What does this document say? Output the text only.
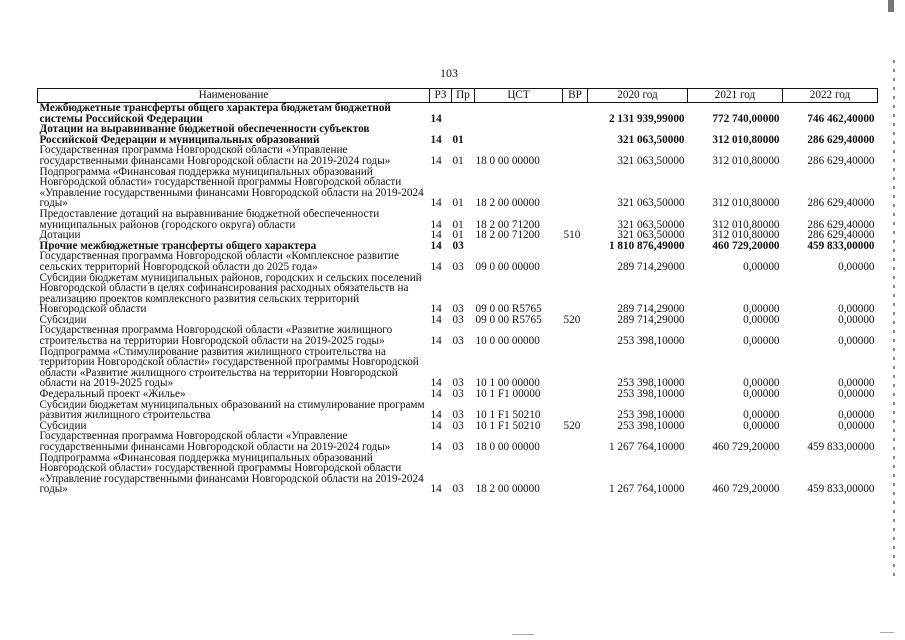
103
Наименование	РЗ	Пр	ЦСТ	ВР	2020 год	2021 год	2022 год
Межбюджетные трансферты общего характера бюджетам бюджетной системы Российской Федерации	14				2 131 939,99000	772 740,00000	746 462,40000
Дотации на выравнивание бюджетной обеспеченности субъектов Российской Федерации и муниципальных образований	14	01			321 063,50000	312 010,80000	286 629,40000
Государственная программа Новгородской области «Управление государственными финансами Новгородской области на 2019-2024 годы»	14	01	18 0 00 00000		321 063,50000	312 010,80000	286 629,40000
Подпрограмма «Финансовая поддержка муниципальных образований Новгородской области» государственной программы Новгородской области «Управление государственными финансами Новгородской области на 2019-2024 годы»	14	01	18 2 00 00000		321 063,50000	312 010,80000	286 629,40000
Предоставление дотаций на выравнивание бюджетной обеспеченности муниципальных районов (городского округа) области	14	01	18 2 00 71200		321 063,50000	312 010,80000	286 629,40000
Дотации	14	01	18 2 00 71200	510	321 063,50000	312 010,80000	286 629,40000
Прочие межбюджетные трансферты общего характера	14	03			1 810 876,49000	460 729,20000	459 833,00000
Государственная программа Новгородской области «Комплексное развитие сельских территорий Новгородской области до 2025 года»	14	03	09 0 00 00000		289 714,29000	0,00000	0,00000
Субсидии бюджетам муниципальных районов, городских и сельских поселений Новгородской области в целях софинансирования расходных обязательств на реализацию проектов комплексного развития сельских территорий Новгородской области	14	03	09 0 00 R5765		289 714,29000	0,00000	0,00000
Субсидии	14	03	09 0 00 R5765	520	289 714,29000	0,00000	0,00000
Государственная программа Новгородской области «Развитие жилищного строительства на территории Новгородской области на 2019-2025 годы»	14	03	10 0 00 00000		253 398,10000	0,00000	0,00000
Подпрограмма «Стимулирование развития жилищного строительства на территории Новгородской области» государственной программы Новгородской области «Развитие жилищного строительства на территории Новгородской области на 2019-2025 годы»	14	03	10 1 00 00000		253 398,10000	0,00000	0,00000
Федеральный проект «Жилье»	14	03	10 1 F1 00000		253 398,10000	0,00000	0,00000
Субсидии бюджетам муниципальных образований на стимулирование программ развития жилищного строительства	14	03	10 1 F1 50210		253 398,10000	0,00000	0,00000
Субсидии	14	03	10 1 F1 50210	520	253 398,10000	0,00000	0,00000
Государственная программа Новгородской области «Управление государственными финансами Новгородской области на 2019-2024 годы»	14	03	18 0 00 00000		1 267 764,10000	460 729,20000	459 833,00000
Подпрограмма «Финансовая поддержка муниципальных образований Новгородской области» государственной программы Новгородской области «Управление государственными финансами Новгородской области на 2019-2024 годы»	14	03	18 2 00 00000		1 267 764,10000	460 729,20000	459 833,00000
